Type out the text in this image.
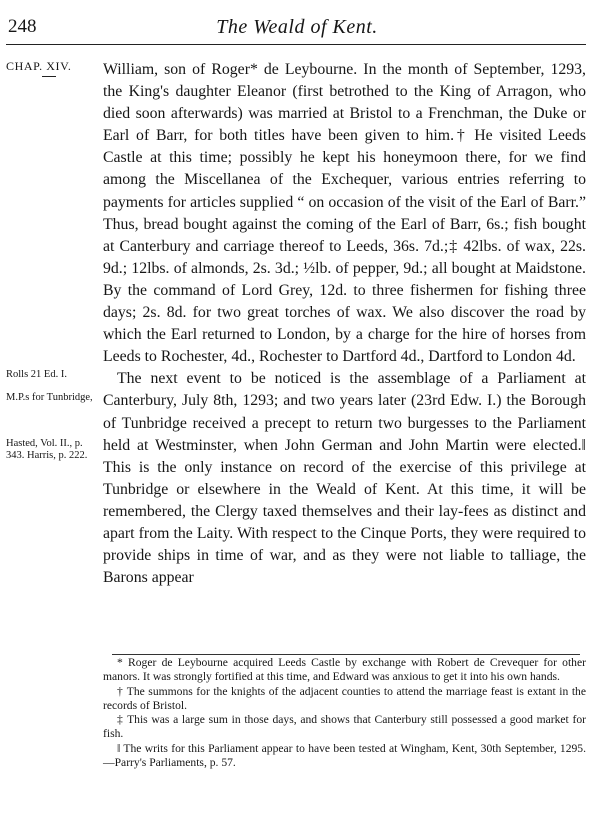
248	The Weald of Kent.
CHAP. XIV.
Rolls 21 Ed. I.
M.P.s for Tunbridge,
Hasted, Vol. II., p. 343. Harris, p. 222.

William, son of Roger* de Leybourne. In the month of September, 1293, the King's daughter Eleanor (first betrothed to the King of Arragon, who died soon afterwards) was married at Bristol to a Frenchman, the Duke or Earl of Barr, for both titles have been given to him.† He visited Leeds Castle at this time; possibly he kept his honeymoon there, for we find among the Miscellanea of the Exchequer, various entries referring to payments for articles supplied “ on occasion of the visit of the Earl of Barr.” Thus, bread bought against the coming of the Earl of Barr, 6s.; fish bought at Canterbury and carriage thereof to Leeds, 36s. 7d.;‡ 42lbs. of wax, 22s. 9d.; 12lbs. of almonds, 2s. 3d.; ½lb. of pepper, 9d.; all bought at Maidstone. By the command of Lord Grey, 12d. to three fishermen for fishing three days; 2s. 8d. for two great torches of wax. We also discover the road by which the Earl returned to London, by a charge for the hire of horses from Leeds to Rochester, 4d., Rochester to Dartford 4d., Dartford to London 4d.

The next event to be noticed is the assemblage of a Parliament at Canterbury, July 8th, 1293; and two years later (23rd Edw. I.) the Borough of Tunbridge received a precept to return two burgesses to the Parliament held at Westminster, when John German and John Martin were elected.‖ This is the only instance on record of the exercise of this privilege at Tunbridge or elsewhere in the Weald of Kent. At this time, it will be remembered, the Clergy taxed themselves and their lay-fees as distinct and apart from the Laity. With respect to the Cinque Ports, they were required to provide ships in time of war, and as they were not liable to talliage, the Barons appear

* Roger de Leybourne acquired Leeds Castle by exchange with Robert de Crevequer for other manors. It was strongly fortified at this time, and Edward was anxious to get it into his own hands.

† The summons for the knights of the adjacent counties to attend the marriage feast is extant in the records of Bristol.

‡ This was a large sum in those days, and shows that Canterbury still possessed a good market for fish.

‖ The writs for this Parliament appear to have been tested at Wingham, Kent, 30th September, 1295.—Parry's Parliaments, p. 57.
